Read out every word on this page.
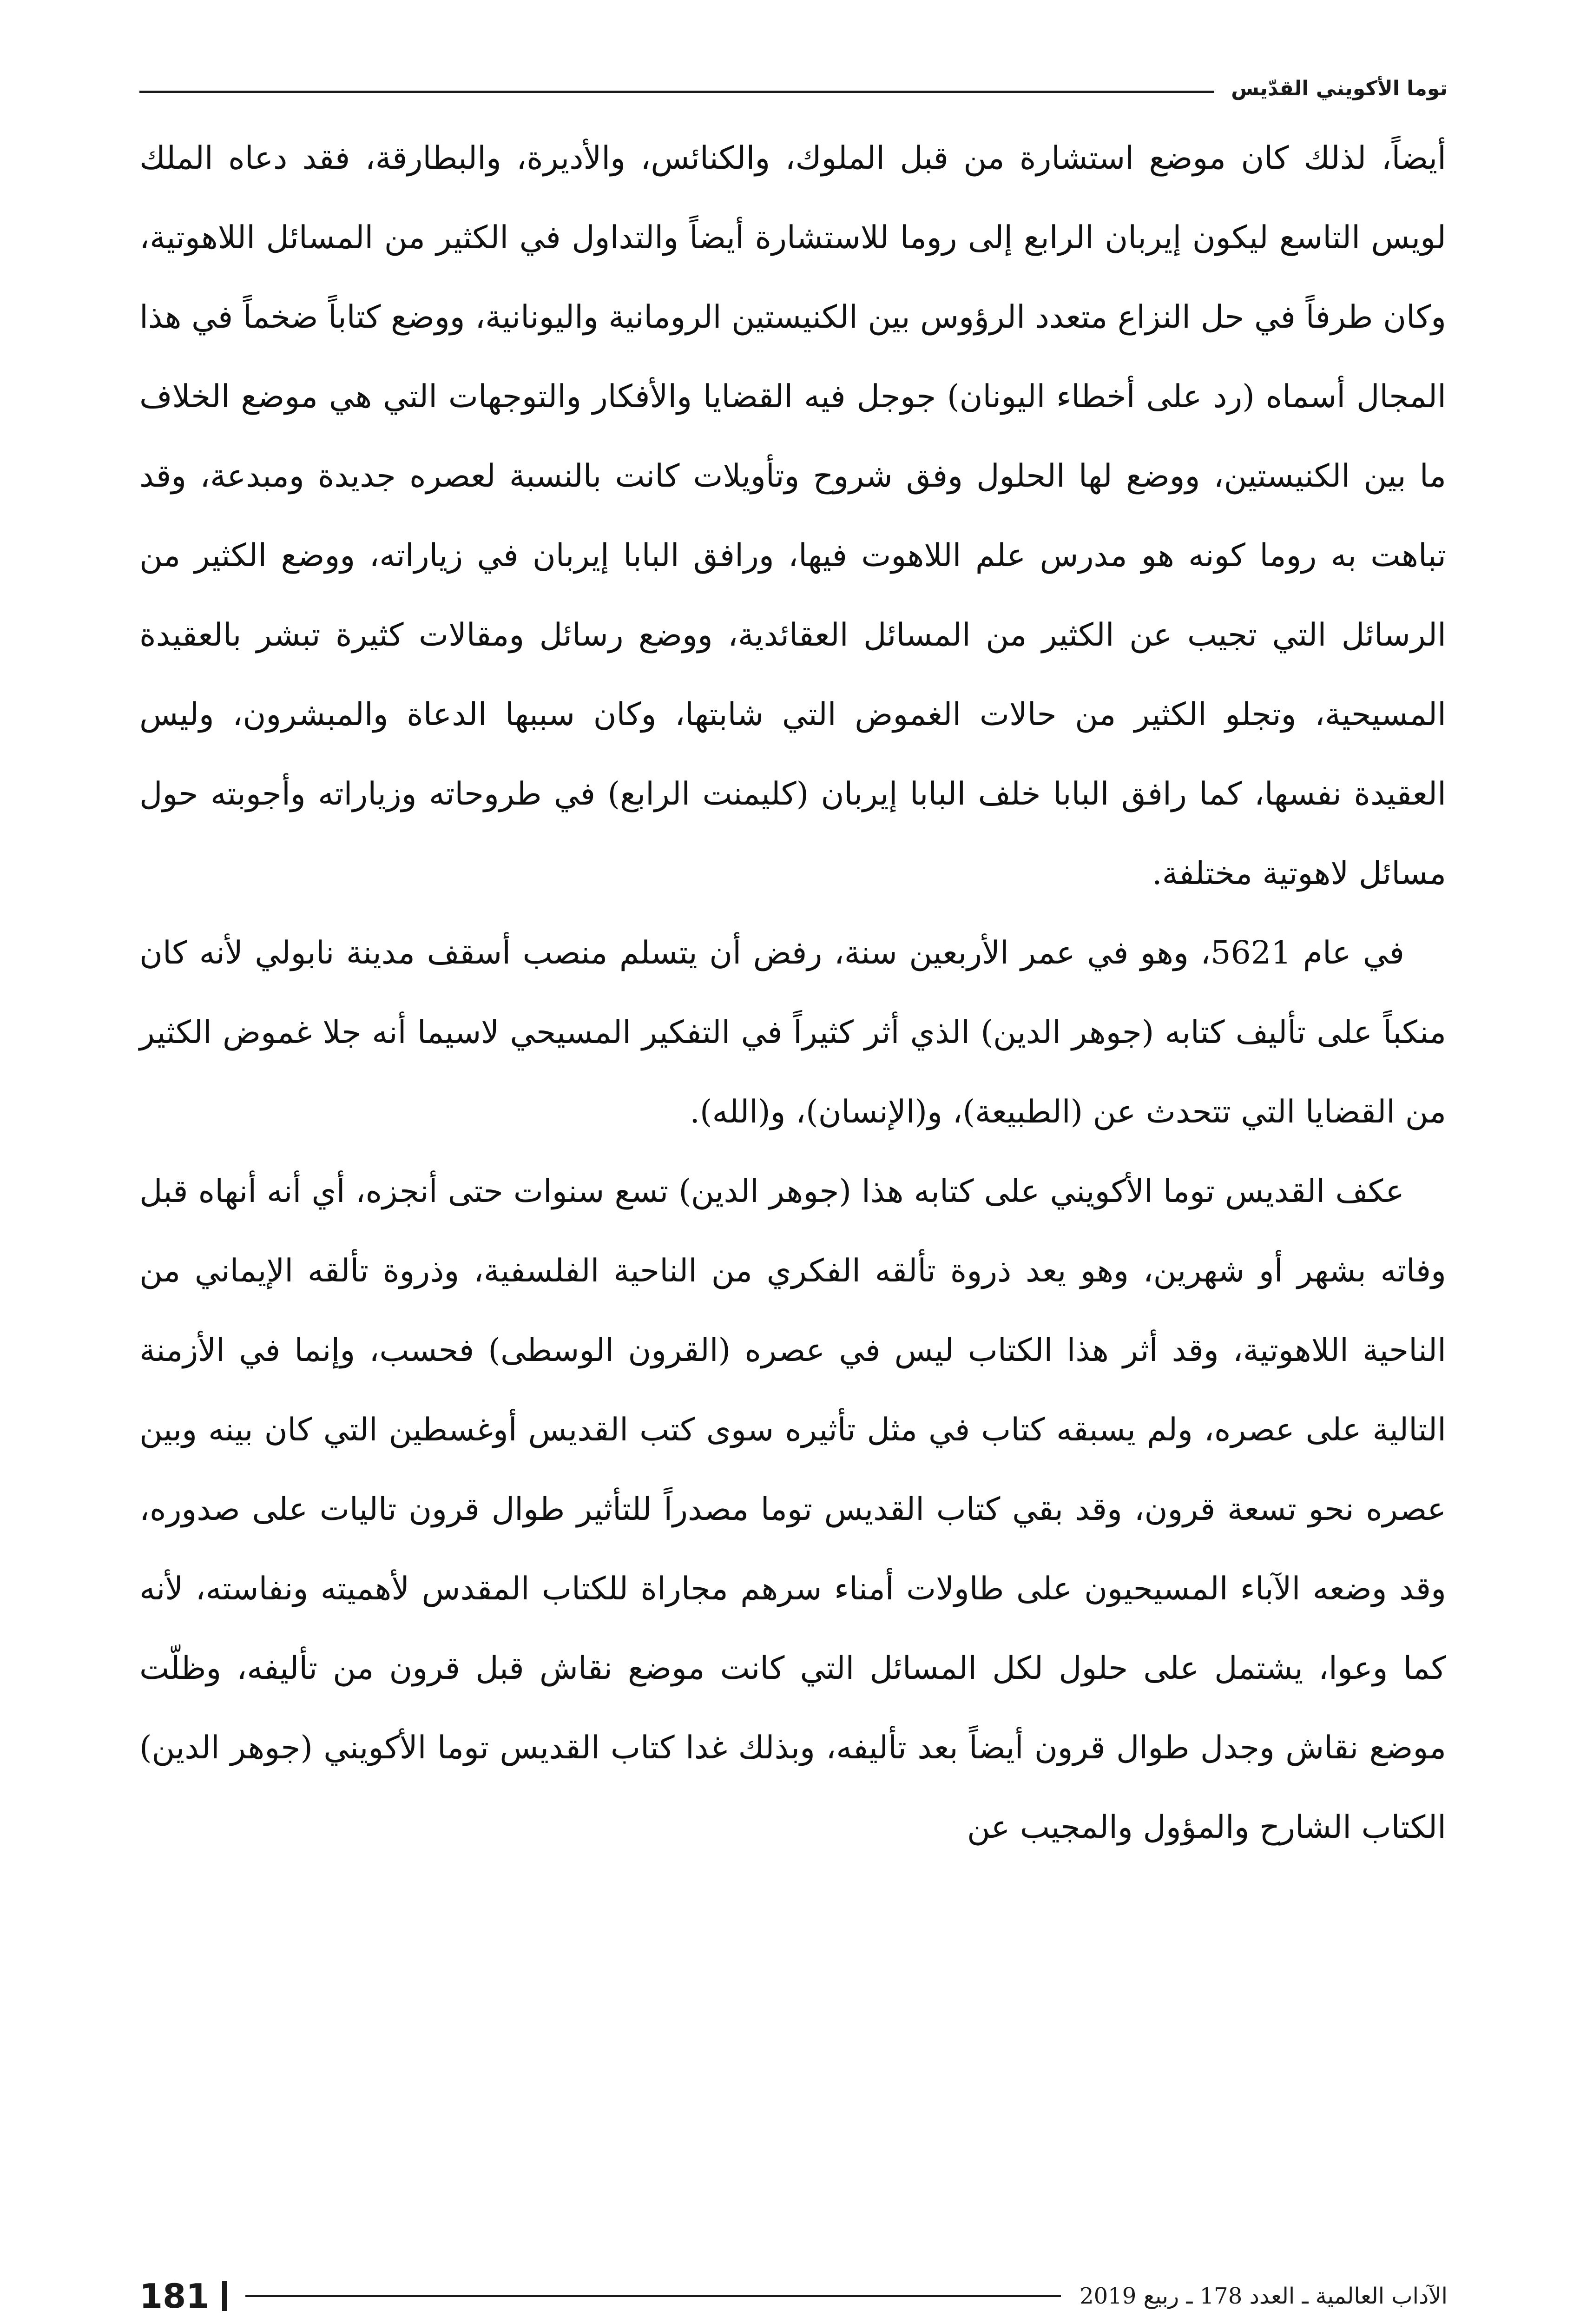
توما الأكويني القدّيس

أيضاً، لذلك كان موضع استشارة من قبل الملوك، والكنائس، والأديرة، والبطارقة، فقد دعاه الملك لويس التاسع ليكون إيربان الرابع إلى روما للاستشارة أيضاً والتداول في الكثير من المسائل اللاهوتية، وكان طرفاً في حل النزاع متعدد الرؤوس بين الكنيستين الرومانية واليونانية، ووضع كتاباً ضخماً في هذا المجال أسماه (رد على أخطاء اليونان) جوجل فيه القضايا والأفكار والتوجهات التي هي موضع الخلاف ما بين الكنيستين، ووضع لها الحلول وفق شروح وتأويلات كانت بالنسبة لعصره جديدة ومبدعة، وقد تباهت به روما كونه هو مدرس علم اللاهوت فيها، ورافق البابا إيربان في زياراته، ووضع الكثير من الرسائل التي تجيب عن الكثير من المسائل العقائدية، ووضع رسائل ومقالات كثيرة تبشر بالعقيدة المسيحية، وتجلو الكثير من حالات الغموض التي شابتها، وكان سببها الدعاة والمبشرون، وليس العقيدة نفسها، كما رافق البابا خلف البابا إيربان (كليمنت الرابع) في طروحاته وزياراته وأجوبته حول مسائل لاهوتية مختلفة.

في عام 5621، وهو في عمر الأربعين سنة، رفض أن يتسلم منصب أسقف مدينة نابولي لأنه كان منكباً على تأليف كتابه (جوهر الدين) الذي أثر كثيراً في التفكير المسيحي لاسيما أنه جلا غموض الكثير من القضايا التي تتحدث عن (الطبيعة)، و(الإنسان)، و(الله).

عكف القديس توما الأكويني على كتابه هذا (جوهر الدين) تسع سنوات حتى أنجزه، أي أنه أنهاه قبل وفاته بشهر أو شهرين، وهو يعد ذروة تألقه الفكري من الناحية الفلسفية، وذروة تألقه الإيماني من الناحية اللاهوتية، وقد أثر هذا الكتاب ليس في عصره (القرون الوسطى) فحسب، وإنما في الأزمنة التالية على عصره، ولم يسبقه كتاب في مثل تأثيره سوى كتب القديس أوغسطين التي كان بينه وبين عصره نحو تسعة قرون، وقد بقي كتاب القديس توما مصدراً للتأثير طوال قرون تاليات على صدوره، وقد وضعه الآباء المسيحيون على طاولات أمناء سرهم مجاراة للكتاب المقدس لأهميته ونفاسته، لأنه كما وعوا، يشتمل على حلول لكل المسائل التي كانت موضع نقاش قبل قرون من تأليفه، وظلّت موضع نقاش وجدل طوال قرون أيضاً بعد تأليفه، وبذلك غدا كتاب القديس توما الأكويني (جوهر الدين) الكتاب الشارح والمؤول والمجيب عن

الآداب العالمية ـ العدد 178 ـ ربيع 2019
181
